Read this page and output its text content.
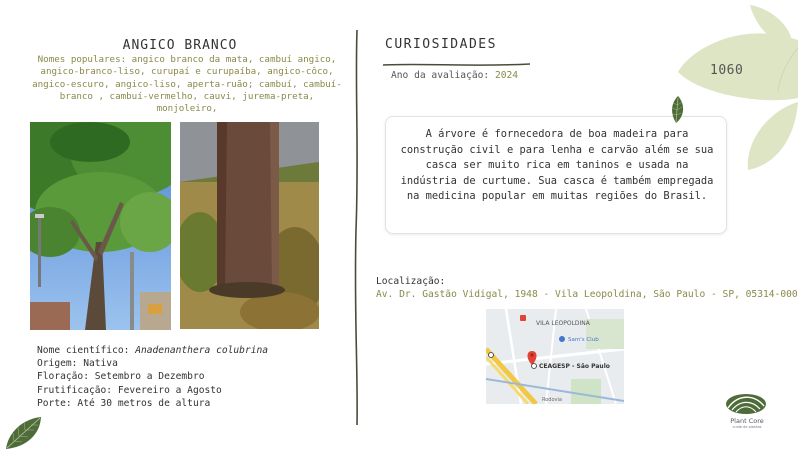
ANGICO BRANCO
Nomes populares: angico branco da mata, cambuí angico, angico-branco-liso, curupaí e curupaíba, angico-côco, angico-escuro, angico-liso, aperta-ruão; cambuí, cambuí-branco , cambuí-vermelho, cauvi, jurema-preta, monjoleiro,
Nome científico: Anadenanthera colubrina
Origem: Nativa
Floração: Setembro a Dezembro
Frutificação: Fevereiro a Agosto
Porte: Até 30 metros de altura
CURIOSIDADES
Ano da avaliação: 2024
A árvore é fornecedora de boa madeira para construção civil e para lenha e carvão além se sua casca ser muito rica em taninos e usada na indústria de curtume. Sua casca é também empregada na medicina popular em muitas regiões do Brasil.
Localização:
Av. Dr. Gastão Vidigal, 1948 - Vila Leopoldina, São Paulo - SP, 05314-000
VILA LEOPOLDINA
Sam's Club
CEAGESP - São Paulo
Rodovia
1060
Plant Core
cuide de plantas
